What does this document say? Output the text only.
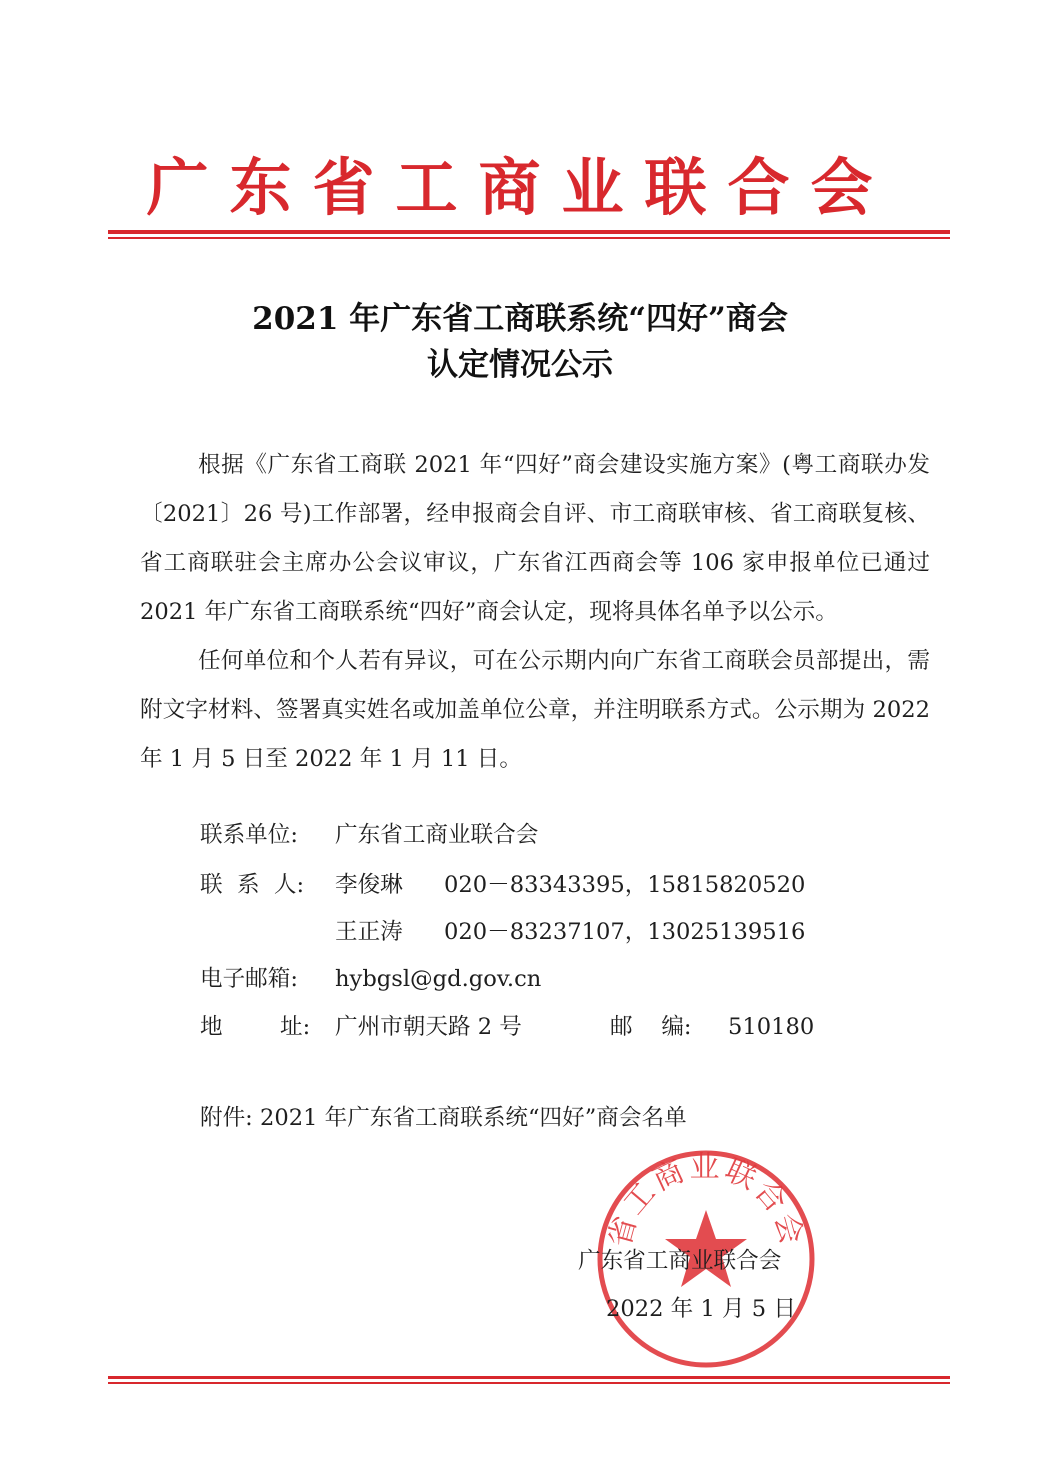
广东省工商业联合会
2021 年广东省工商联系统“四好”商会
认定情况公示

根据《广东省工商联 2021 年“四好”商会建设实施方案》(粤工商联办发〔2021〕26 号)工作部署，经申报商会自评、市工商联审核、省工商联复核、省工商联驻会主席办公会议审议，广东省江西商会等 106 家申报单位已通过 2021 年广东省工商联系统“四好”商会认定，现将具体名单予以公示。

任何单位和个人若有异议，可在公示期内向广东省工商联会员部提出，需附文字材料、签署真实姓名或加盖单位公章，并注明联系方式。公示期为 2022 年 1 月 5 日至 2022 年 1 月 11 日。

联系单位: 广东省工商业联合会
联  系  人: 李俊琳 020－83343395，15815820520
王正涛 020－83237107，13025139516
电子邮箱: hybgsl@gd.gov.cn
地        址: 广州市朝天路 2 号	邮    编: 510180
附件: 2021 年广东省工商联系统“四好”商会名单
省工商业联合会
广东省工商业联合会
2022 年 1 月 5 日
